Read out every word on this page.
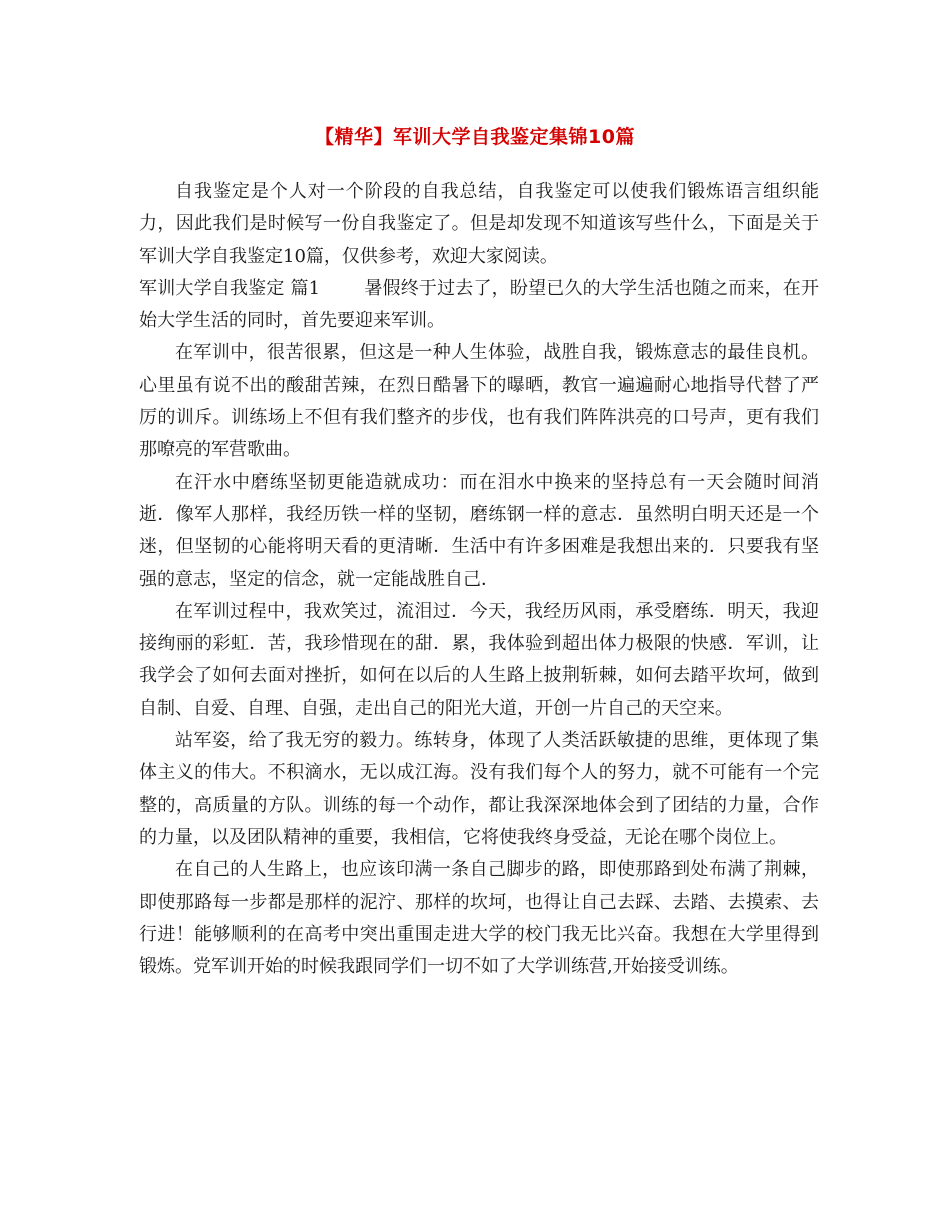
【精华】军训大学自我鉴定集锦10篇

自我鉴定是个人对一个阶段的自我总结，自我鉴定可以使我们锻炼语言组织能力，因此我们是时候写一份自我鉴定了。但是却发现不知道该写些什么，下面是关于军训大学自我鉴定10篇，仅供参考，欢迎大家阅读。

军训大学自我鉴定 篇1 暑假终于过去了，盼望已久的大学生活也随之而来，在开始大学生活的同时，首先要迎来军训。

在军训中，很苦很累，但这是一种人生体验，战胜自我，锻炼意志的最佳良机。心里虽有说不出的酸甜苦辣，在烈日酷暑下的曝晒，教官一遍遍耐心地指导代替了严厉的训斥。训练场上不但有我们整齐的步伐，也有我们阵阵洪亮的口号声，更有我们那嘹亮的军营歌曲。

在汗水中磨练坚韧更能造就成功：而在泪水中换来的坚持总有一天会随时间消逝．像军人那样，我经历铁一样的坚韧，磨练钢一样的意志．虽然明白明天还是一个迷，但坚韧的心能将明天看的更清晰．生活中有许多困难是我想出来的．只要我有坚强的意志，坚定的信念，就一定能战胜自己．

在军训过程中，我欢笑过，流泪过．今天，我经历风雨，承受磨练．明天，我迎接绚丽的彩虹．苦，我珍惜现在的甜．累，我体验到超出体力极限的快感．军训，让我学会了如何去面对挫折，如何在以后的人生路上披荆斩棘，如何去踏平坎坷，做到自制、自爱、自理、自强，走出自己的阳光大道，开创一片自己的天空来。

站军姿，给了我无穷的毅力。练转身，体现了人类活跃敏捷的思维，更体现了集体主义的伟大。不积滴水，无以成江海。没有我们每个人的努力，就不可能有一个完整的，高质量的方队。训练的每一个动作，都让我深深地体会到了团结的力量，合作的力量，以及团队精神的重要，我相信，它将使我终身受益，无论在哪个岗位上。

在自己的人生路上，也应该印满一条自己脚步的路，即使那路到处布满了荆棘，即使那路每一步都是那样的泥泞、那样的坎坷，也得让自己去踩、去踏、去摸索、去行进！能够顺利的在高考中突出重围走进大学的校门我无比兴奋。我想在大学里得到锻炼。党军训开始的时候我跟同学们一切不如了大学训练营,开始接受训练。
